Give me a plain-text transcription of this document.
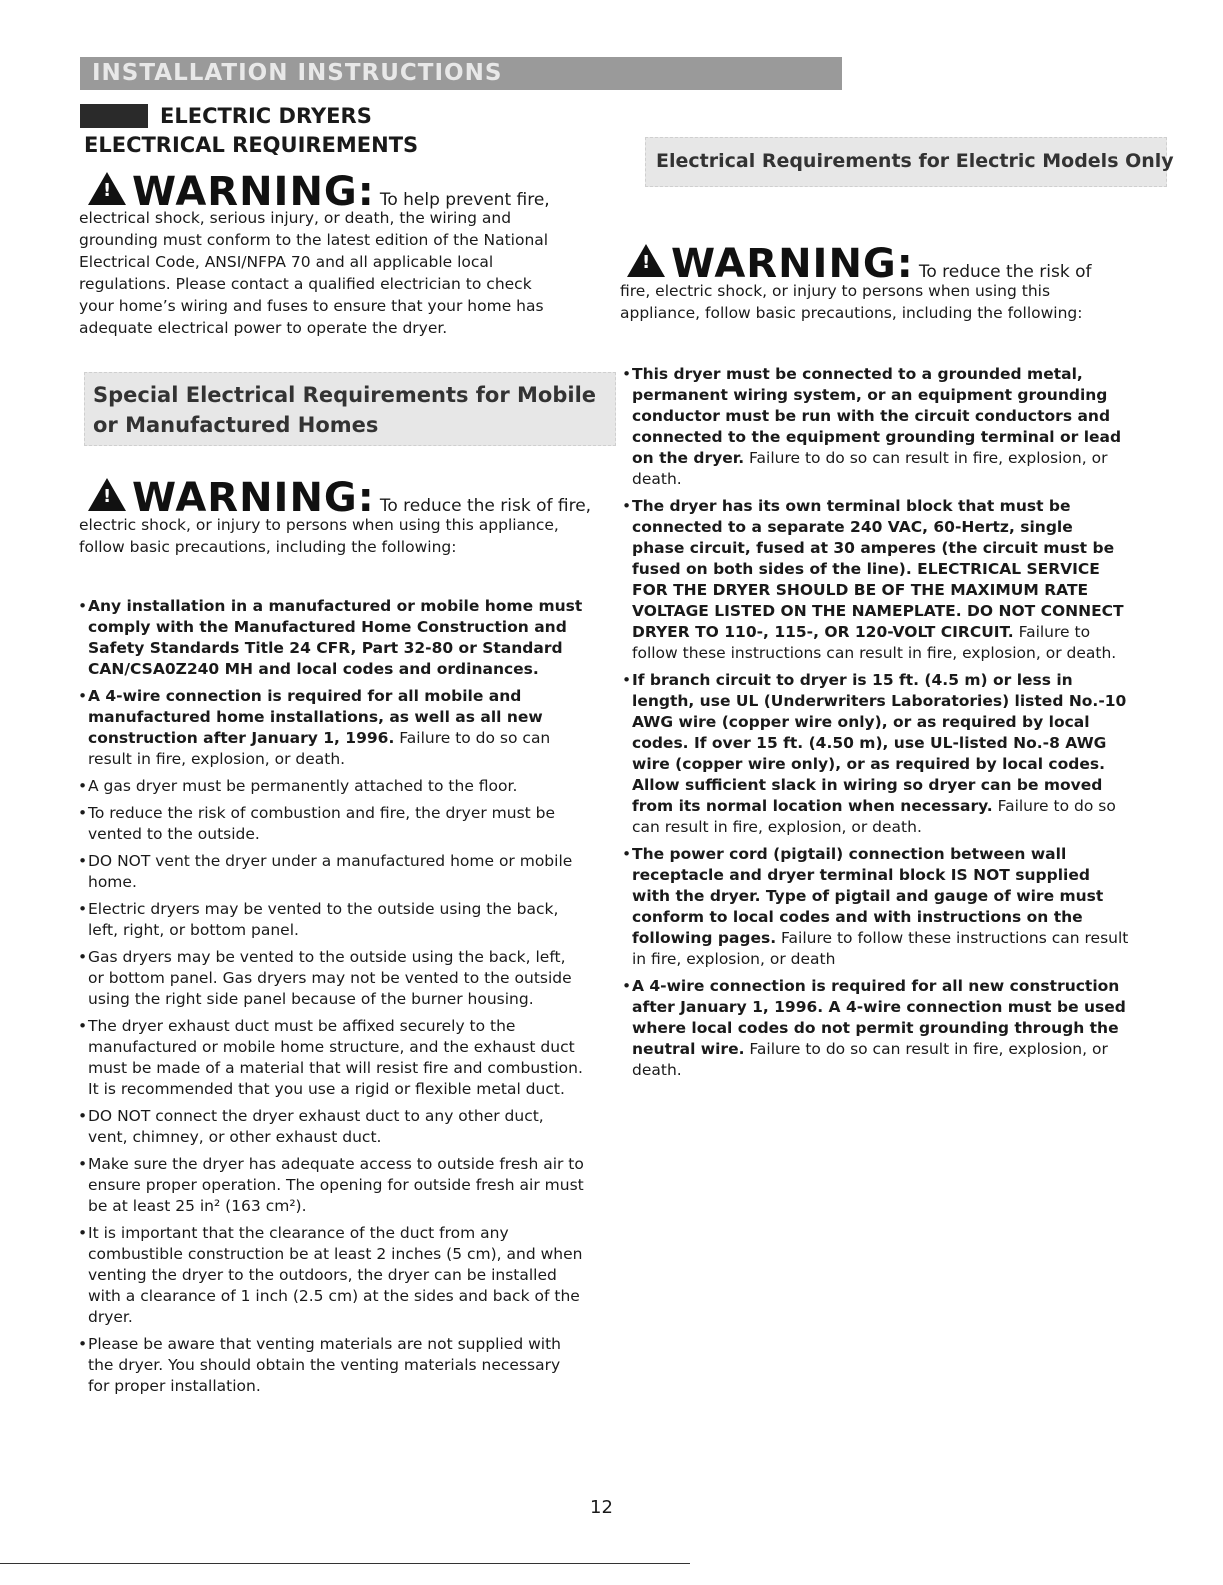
INSTALLATION INSTRUCTIONS
ELECTRIC DRYERS
ELECTRICAL REQUIREMENTS
! WARNING: To help prevent fire,

electrical shock, serious injury, or death, the wiring and grounding must conform to the latest edition of the National Electrical Code, ANSI/NFPA 70 and all applicable local regulations. Please contact a qualified electrician to check your home’s wiring and fuses to ensure that your home has adequate electrical power to operate the dryer.

Special Electrical Requirements for Mobile
or Manufactured Homes
! WARNING: To reduce the risk of fire,

electric shock, or injury to persons when using this appliance, follow basic precautions, including the following:

•Any installation in a manufactured or mobile home must comply with the Manufactured Home Construction and Safety Standards Title 24 CFR, Part 32-80 or Standard CAN/CSA0Z240 MH and local codes and ordinances.
•A 4-wire connection is required for all mobile and manufactured home installations, as well as all new construction after January 1, 1996. Failure to do so can result in fire, explosion, or death.
•A gas dryer must be permanently attached to the floor.
•To reduce the risk of combustion and fire, the dryer must be vented to the outside.
•DO NOT vent the dryer under a manufactured home or mobile home.
•Electric dryers may be vented to the outside using the back, left, right, or bottom panel.
•Gas dryers may be vented to the outside using the back, left, or bottom panel. Gas dryers may not be vented to the outside using the right side panel because of the burner housing.
•The dryer exhaust duct must be affixed securely to the manufactured or mobile home structure, and the exhaust duct must be made of a material that will resist fire and combustion. It is recommended that you use a rigid or flexible metal duct.
•DO NOT connect the dryer exhaust duct to any other duct, vent, chimney, or other exhaust duct.
•Make sure the dryer has adequate access to outside fresh air to ensure proper operation. The opening for outside fresh air must be at least 25 in² (163 cm²).
•It is important that the clearance of the duct from any combustible construction be at least 2 inches (5 cm), and when venting the dryer to the outdoors, the dryer can be installed with a clearance of 1 inch (2.5 cm) at the sides and back of the dryer.
•Please be aware that venting materials are not supplied with the dryer. You should obtain the venting materials necessary for proper installation.
Electrical Requirements for Electric Models Only
! WARNING: To reduce the risk of

fire, electric shock, or injury to persons when using this appliance, follow basic precautions, including the following:

•This dryer must be connected to a grounded metal, permanent wiring system, or an equipment grounding conductor must be run with the circuit conductors and connected to the equipment grounding terminal or lead on the dryer. Failure to do so can result in fire, explosion, or death.
•The dryer has its own terminal block that must be connected to a separate 240 VAC, 60-Hertz, single phase circuit, fused at 30 amperes (the circuit must be fused on both sides of the line). ELECTRICAL SERVICE FOR THE DRYER SHOULD BE OF THE MAXIMUM RATE VOLTAGE LISTED ON THE NAMEPLATE. DO NOT CONNECT DRYER TO 110-, 115-, OR 120-VOLT CIRCUIT. Failure to follow these instructions can result in fire, explosion, or death.
•If branch circuit to dryer is 15 ft. (4.5 m) or less in length, use UL (Underwriters Laboratories) listed No.-10 AWG wire (copper wire only), or as required by local codes. If over 15 ft. (4.50 m), use UL-listed No.-8 AWG wire (copper wire only), or as required by local codes. Allow sufficient slack in wiring so dryer can be moved from its normal location when necessary. Failure to do so can result in fire, explosion, or death.
•The power cord (pigtail) connection between wall receptacle and dryer terminal block IS NOT supplied with the dryer. Type of pigtail and gauge of wire must conform to local codes and with instructions on the following pages. Failure to follow these instructions can result in fire, explosion, or death
•A 4-wire connection is required for all new construction after January 1, 1996. A 4-wire connection must be used where local codes do not permit grounding through the neutral wire. Failure to do so can result in fire, explosion, or death.
12
